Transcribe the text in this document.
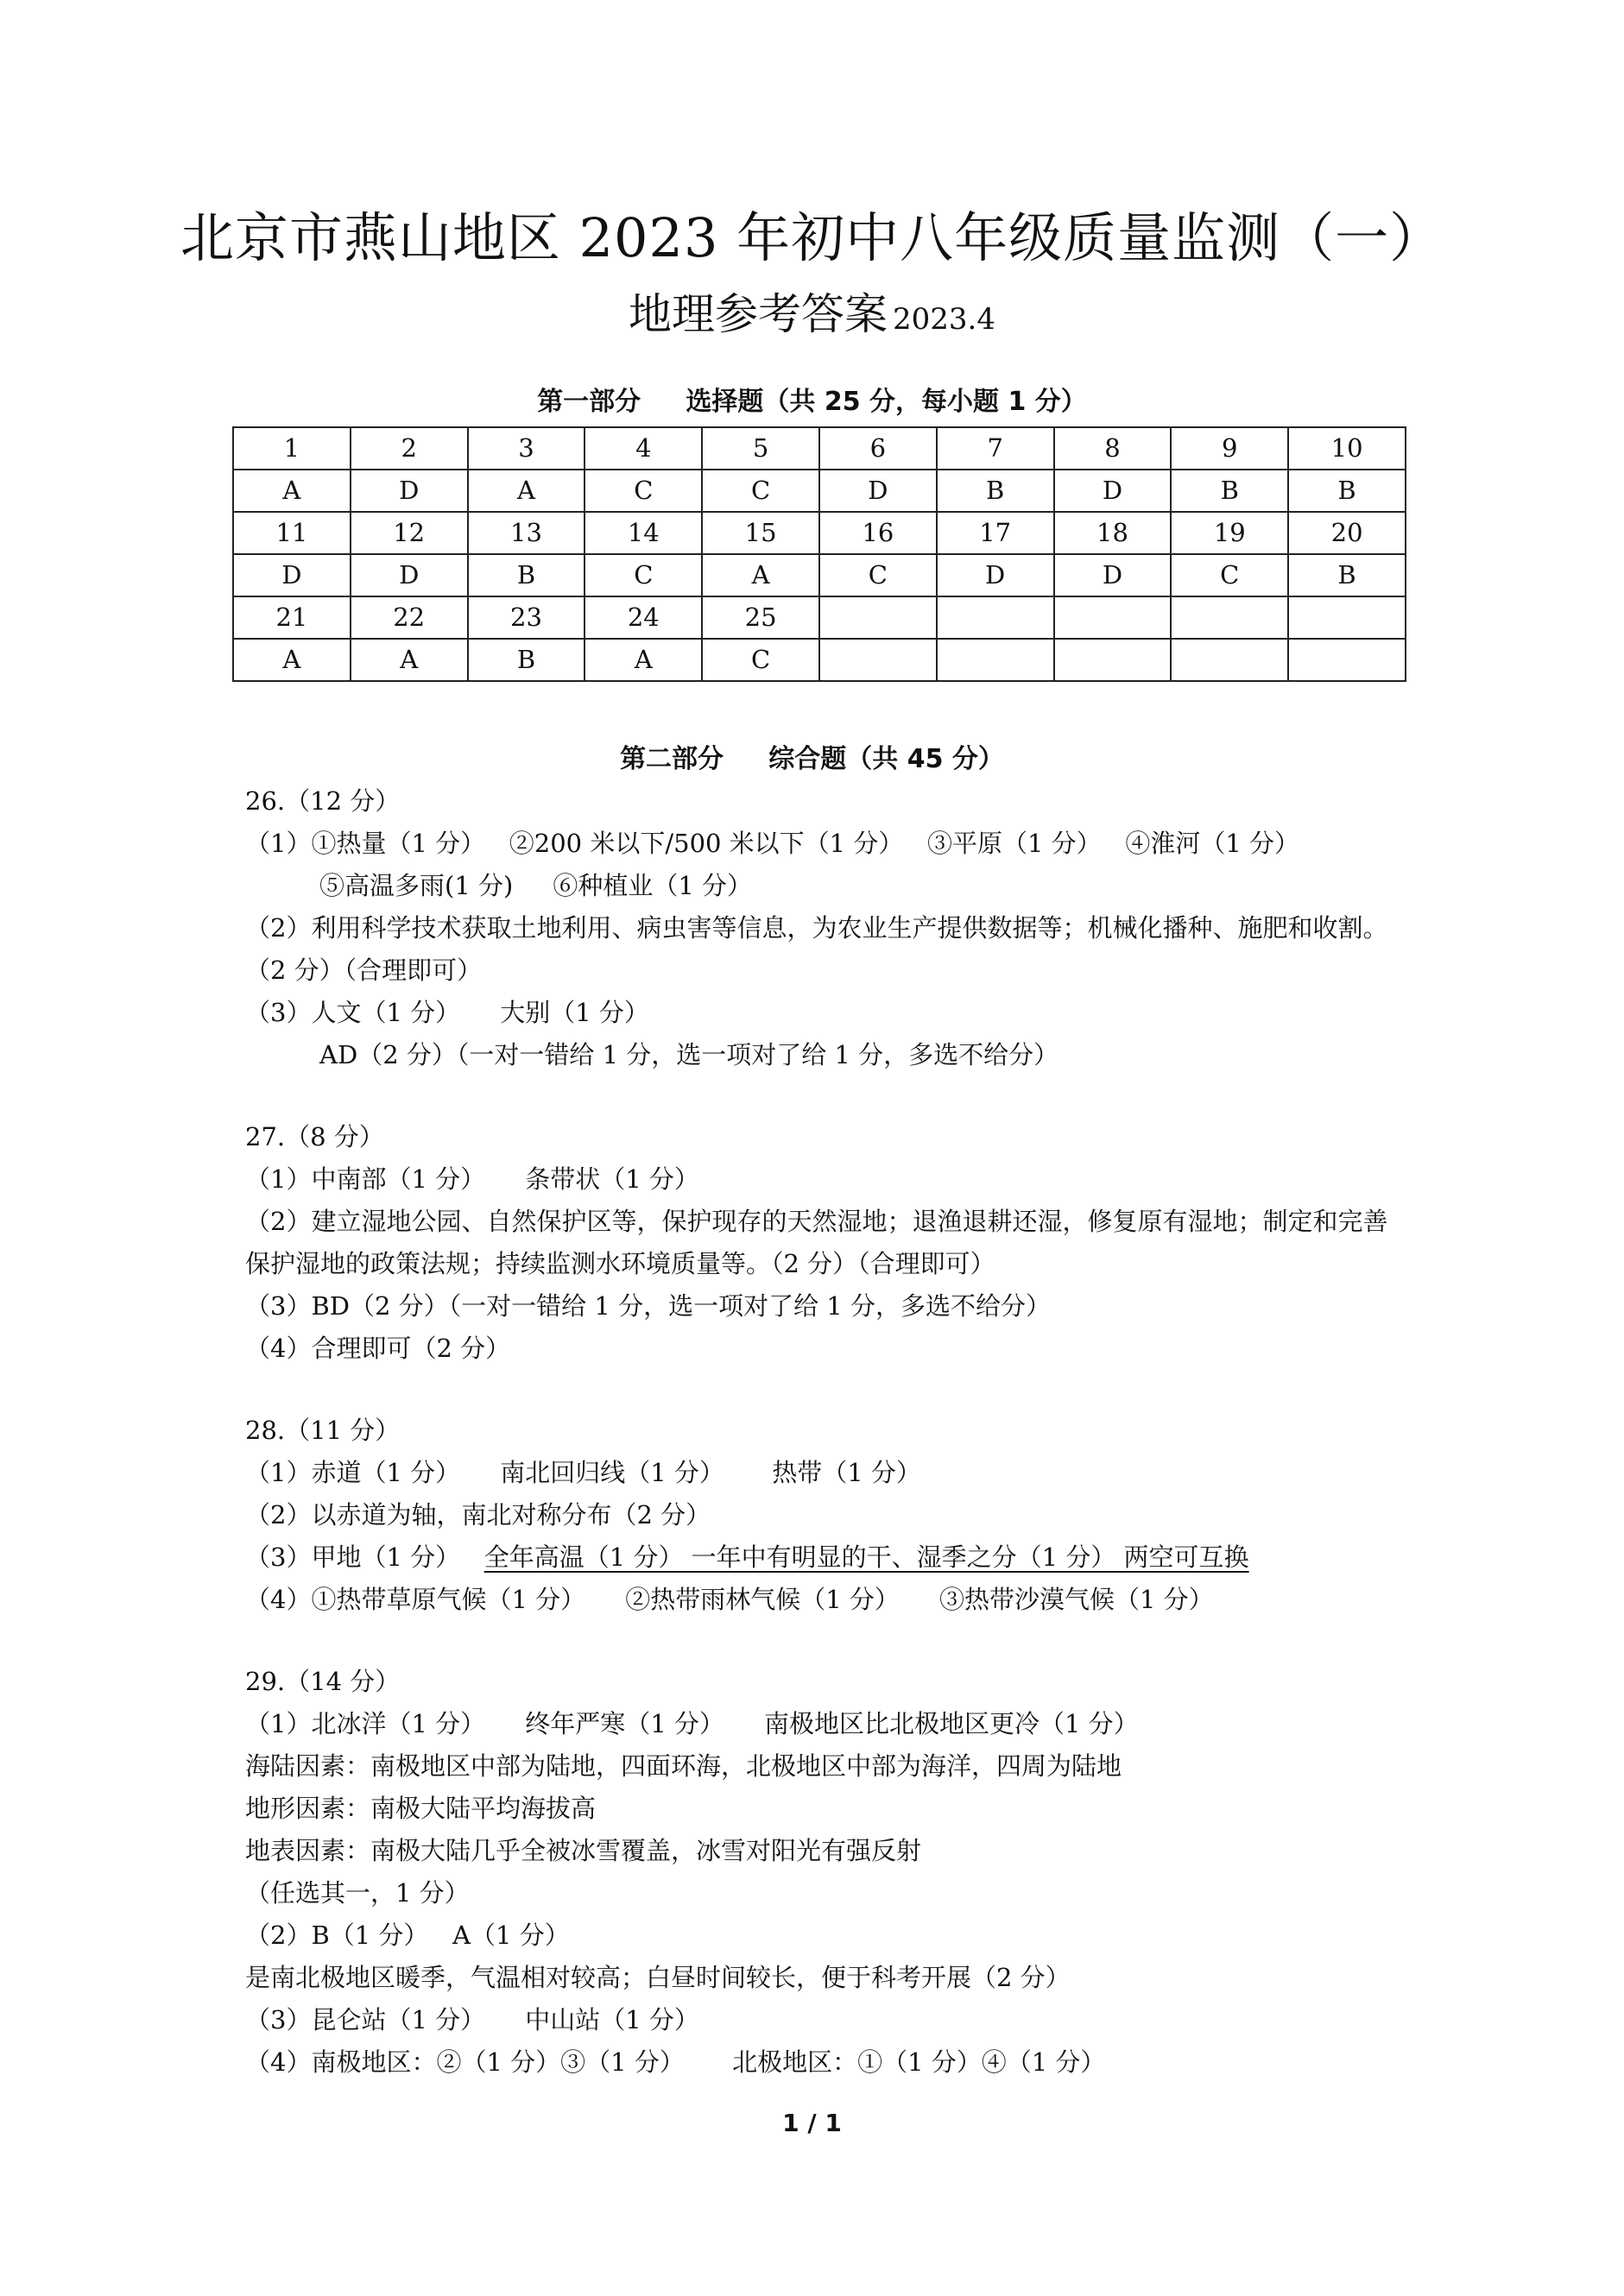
北京市燕山地区 2023 年初中八年级质量监测（一）
地理参考答案 2023.4
第一部分     选择题（共 25 分，每小题 1 分）
1	2	3	4	5	6	7	8	9	10
A	D	A	C	C	D	B	D	B	B
11	12	13	14	15	16	17	18	19	20
D	D	B	C	A	C	D	D	C	B
21	22	23	24	25					
A	A	B	A	C					
第二部分     综合题（共 45 分）
26.（12 分）
（1）①热量（1 分）   ②200 米以下/500 米以下（1 分）   ③平原（1 分）   ④淮河（1 分）
⑤高温多雨(1 分)     ⑥种植业（1 分）
（2）利用科学技术获取土地利用、病虫害等信息，为农业生产提供数据等；机械化播种、施肥和收割。（2 分）（合理即可）
（3）人文（1 分）     大别（1 分）
AD（2 分）（一对一错给 1 分，选一项对了给 1 分，多选不给分）
27.（8 分）
（1）中南部（1 分）     条带状（1 分）
（2）建立湿地公园、自然保护区等，保护现存的天然湿地；退渔退耕还湿，修复原有湿地；制定和完善保护湿地的政策法规；持续监测水环境质量等。（2 分）（合理即可）
（3）BD（2 分）（一对一错给 1 分，选一项对了给 1 分，多选不给分）
（4）合理即可（2 分）
28.（11 分）
（1）赤道（1 分）     南北回归线（1 分）      热带（1 分）
（2）以赤道为轴，南北对称分布（2 分）
（3）甲地（1 分）   全年高温（1 分） 一年中有明显的干、湿季之分（1 分） 两空可互换
（4）①热带草原气候（1 分）     ②热带雨林气候（1 分）     ③热带沙漠气候（1 分）
29.（14 分）
（1）北冰洋（1 分）     终年严寒（1 分）     南极地区比北极地区更冷（1 分）
海陆因素：南极地区中部为陆地，四面环海，北极地区中部为海洋，四周为陆地
地形因素：南极大陆平均海拔高
地表因素：南极大陆几乎全被冰雪覆盖，冰雪对阳光有强反射
（任选其一，1 分）
（2）B（1 分）   A（1 分）
是南北极地区暖季，气温相对较高；白昼时间较长，便于科考开展（2 分）
（3）昆仑站（1 分）     中山站（1 分）
（4）南极地区：②（1 分）③（1 分）      北极地区：①（1 分）④（1 分）
1 / 1
